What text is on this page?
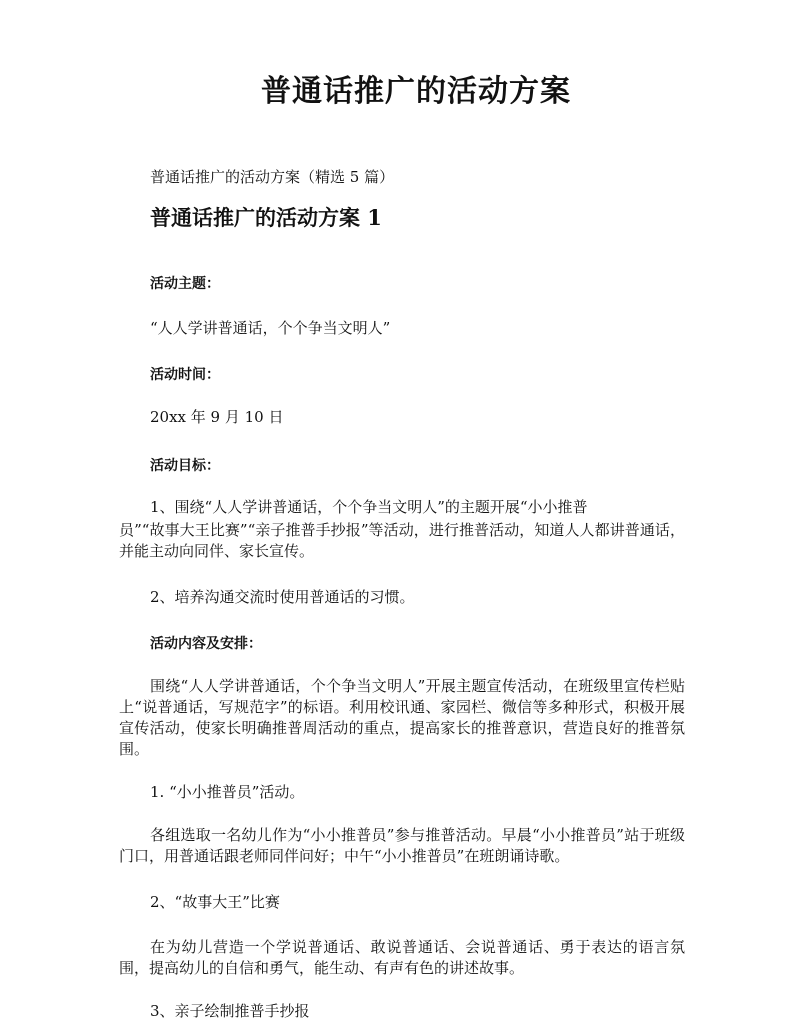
普通话推广的活动方案

普通话推广的活动方案（精选 5 篇）

普通话推广的活动方案 1

活动主题：

“人人学讲普通话，个个争当文明人”

活动时间：

20xx 年 9 月 10 日

活动目标：

1、围绕“人人学讲普通话，个个争当文明人”的主题开展“小小推普

员”“故事大王比赛”“亲子推普手抄报”等活动，进行推普活动，知道人人都讲普通话，并能主动向同伴、家长宣传。

2、培养沟通交流时使用普通话的习惯。

活动内容及安排：

围绕“人人学讲普通话，个个争当文明人”开展主题宣传活动，在班级里宣传栏贴上“说普通话，写规范字”的标语。利用校讯通、家园栏、微信等多种形式，积极开展宣传活动，使家长明确推普周活动的重点，提高家长的推普意识，营造良好的推普氛围。

1. “小小推普员”活动。

各组选取一名幼儿作为“小小推普员”参与推普活动。早晨“小小推普员”站于班级门口，用普通话跟老师同伴问好；中午“小小推普员”在班朗诵诗歌。

2、“故事大王”比赛

在为幼儿营造一个学说普通话、敢说普通话、会说普通话、勇于表达的语言氛围，提高幼儿的自信和勇气，能生动、有声有色的讲述故事。

3、亲子绘制推普手抄报
